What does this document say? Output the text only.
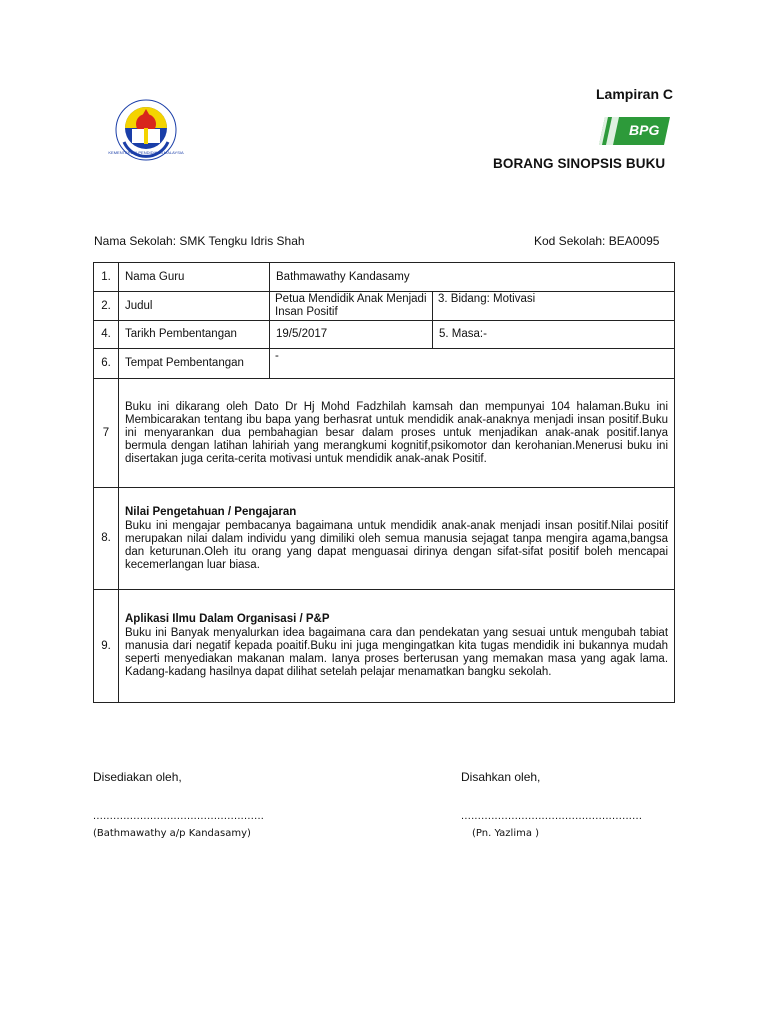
KEMENTERIAN PENDIDIKAN MALAYSIA
Lampiran C
BPG
BORANG SINOPSIS BUKU
Nama Sekolah: SMK Tengku Idris Shah	Kod Sekolah: BEA0095
1.	Nama Guru	Bathmawathy Kandasamy	
2.	Judul	Petua Mendidik Anak Menjadi Insan Positif	3. Bidang: Motivasi
4.	Tarikh Pembentangan	19/5/2017	5. Masa:-
6.	Tempat Pembentangan	-	
7	Buku ini dikarang oleh Dato Dr Hj Mohd Fadzhilah kamsah dan mempunyai 104 halaman.Buku ini Membicarakan tentang ibu bapa yang berhasrat untuk mendidik anak-anaknya menjadi insan positif.Buku ini menyarankan dua pembahagian besar dalam proses untuk menjadikan anak-anak positif.Ianya bermula dengan latihan lahiriah yang merangkumi kognitif,psikomotor dan kerohanian.Menerusi buku ini disertakan juga cerita-cerita motivasi untuk mendidik anak-anak Positif.		

8.	Nilai Pengetahuan / Pengajaran

Buku ini mengajar pembacanya bagaimana untuk mendidik anak-anak menjadi insan positif.Nilai positif merupakan nilai dalam individu yang dimiliki oleh semua manusia sejagat tanpa mengira agama,bangsa dan keturunan.Oleh itu orang yang dapat menguasai dirinya dengan sifat-sifat positif boleh mencapai kecemerlangan luar biasa.		

9.	Aplikasi Ilmu Dalam Organisasi / P&P

Buku ini Banyak menyalurkan idea bagaimana cara dan pendekatan yang sesuai untuk mengubah tabiat manusia dari negatif kepada poaitif.Buku ini juga mengingatkan kita tugas mendidik ini bukannya mudah seperti menyediakan makanan malam. Ianya proses berterusan yang memakan masa yang agak lama. Kadang-kadang hasilnya dapat dilihat setelah pelajar menamatkan bangku sekolah.		

Disediakan oleh,	Disahkan oleh,
...................................................	......................................................
(Bathmawathy a/p Kandasamy)	(Pn. Yazlima )
